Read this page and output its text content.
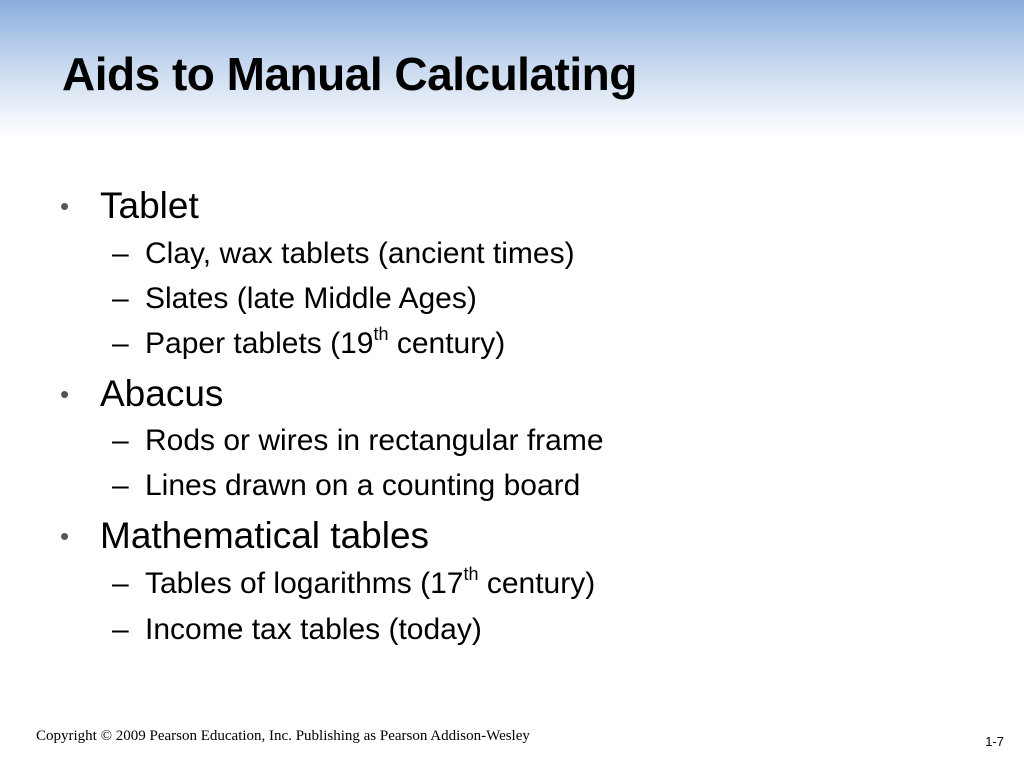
Aids to Manual Calculating
• Tablet
– Clay, wax tablets (ancient times)
– Slates (late Middle Ages)
– Paper tablets (19th century)
• Abacus
– Rods or wires in rectangular frame
– Lines drawn on a counting board
• Mathematical tables
– Tables of logarithms (17th century)
– Income tax tables (today)
Copyright © 2009 Pearson Education, Inc. Publishing as Pearson Addison-Wesley	1-7
